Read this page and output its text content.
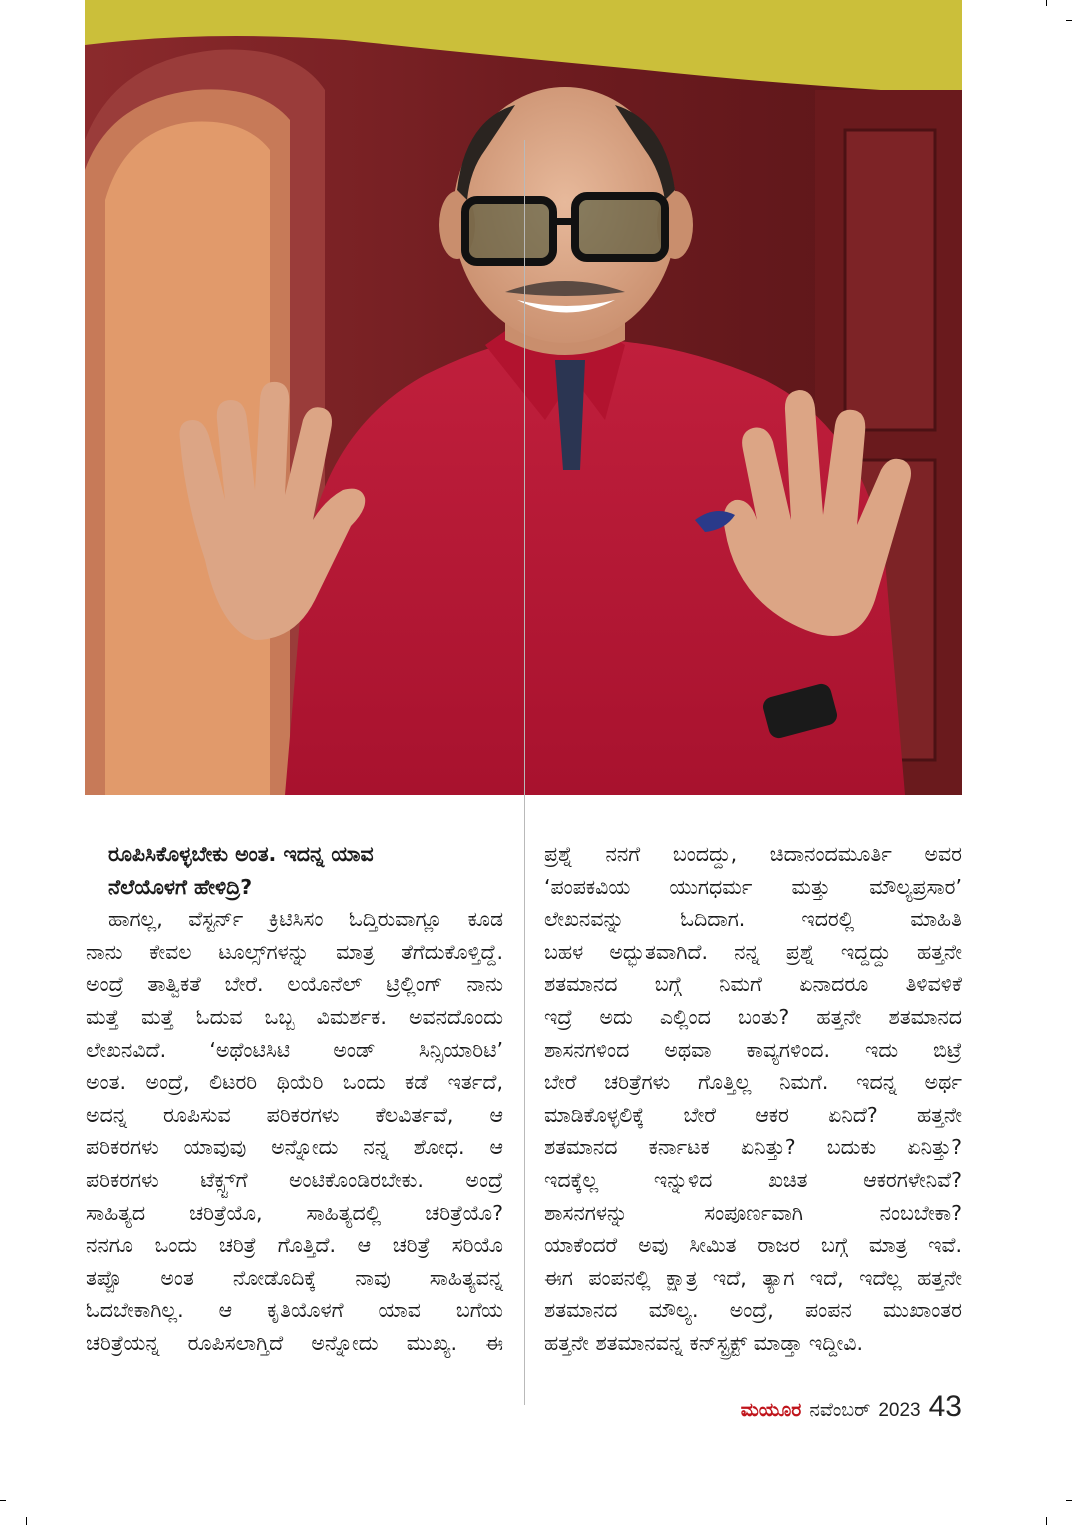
ರೂಪಿಸಿಕೊಳ್ಳಬೇಕು ಅಂತ. ಇದನ್ನ ಯಾವ
ನೆಲೆಯೊಳಗೆ ಹೇಳಿದ್ರಿ?

ಹಾಗಲ್ಲ, ವೆಸ್ಟರ್ನ್ ಕ್ರಿಟಿಸಿಸಂ ಓದ್ತಿರುವಾಗ್ಲೂ ಕೂಡ
ನಾನು ಕೇವಲ ಟೂಲ್ಸ್‌ಗಳನ್ನು ಮಾತ್ರ ತೆಗೆದುಕೊಳ್ತಿದ್ದೆ.
ಅಂದ್ರೆ ತಾತ್ವಿಕತೆ ಬೇರೆ. ಲಯೊನೆಲ್ ಟ್ರಿಲ್ಲಿಂಗ್ ನಾನು
ಮತ್ತೆ ಮತ್ತೆ ಓದುವ ಒಬ್ಬ ವಿಮರ್ಶಕ. ಅವನದೊಂದು
ಲೇಖನವಿದೆ. ‘ಅಥೆಂಟಿಸಿಟಿ ಅಂಡ್ ಸಿನ್ಸಿಯಾರಿಟಿ’
ಅಂತ. ಅಂದ್ರೆ, ಲಿಟರರಿ ಥಿಯೆರಿ ಒಂದು ಕಡೆ ಇರ್ತದೆ,
ಅದನ್ನ ರೂಪಿಸುವ ಪರಿಕರಗಳು ಕೆಲವಿರ್ತವೆ, ಆ
ಪರಿಕರಗಳು ಯಾವುವು ಅನ್ನೋದು ನನ್ನ ಶೋಧ. ಆ
ಪರಿಕರಗಳು ಟೆಕ್ಸ್ಟ್‌ಗೆ ಅಂಟಿಕೊಂಡಿರಬೇಕು. ಅಂದ್ರೆ
ಸಾಹಿತ್ಯದ ಚರಿತ್ರೆಯೊ, ಸಾಹಿತ್ಯದಲ್ಲಿ ಚರಿತ್ರೆಯೊ?
ನನಗೂ ಒಂದು ಚರಿತ್ರೆ ಗೊತ್ತಿದೆ. ಆ ಚರಿತ್ರೆ ಸರಿಯೊ
ತಪ್ಪೊ ಅಂತ ನೋಡೊದಿಕ್ಕೆ ನಾವು ಸಾಹಿತ್ಯವನ್ನ
ಓದಬೇಕಾಗಿಲ್ಲ. ಆ ಕೃತಿಯೊಳಗೆ ಯಾವ ಬಗೆಯ
ಚರಿತ್ರೆಯನ್ನ ರೂಪಿಸಲಾಗ್ತಿದೆ ಅನ್ನೋದು ಮುಖ್ಯ. ಈ

ಪ್ರಶ್ನೆ ನನಗೆ ಬಂದದ್ದು, ಚಿದಾನಂದಮೂರ್ತಿ ಅವರ
‘ಪಂಪಕವಿಯ ಯುಗಧರ್ಮ ಮತ್ತು ಮೌಲ್ಯಪ್ರಸಾರ’
ಲೇಖನವನ್ನು ಓದಿದಾಗ. ಇದರಲ್ಲಿ ಮಾಹಿತಿ
ಬಹಳ ಅದ್ಭುತವಾಗಿದೆ. ನನ್ನ ಪ್ರಶ್ನೆ ಇದ್ದದ್ದು ಹತ್ತನೇ
ಶತಮಾನದ ಬಗ್ಗೆ ನಿಮಗೆ ಏನಾದರೂ ತಿಳಿವಳಿಕೆ
ಇದ್ರೆ ಅದು ಎಲ್ಲಿಂದ ಬಂತು? ಹತ್ತನೇ ಶತಮಾನದ
ಶಾಸನಗಳಿಂದ ಅಥವಾ ಕಾವ್ಯಗಳಿಂದ. ಇದು ಬಿಟ್ರೆ
ಬೇರೆ ಚರಿತ್ರೆಗಳು ಗೊತ್ತಿಲ್ಲ ನಿಮಗೆ. ಇದನ್ನ ಅರ್ಥ
ಮಾಡಿಕೊಳ್ಳಲಿಕ್ಕೆ ಬೇರೆ ಆಕರ ಏನಿದೆ? ಹತ್ತನೇ
ಶತಮಾನದ ಕರ್ನಾಟಕ ಏನಿತ್ತು? ಬದುಕು ಏನಿತ್ತು?
ಇದಕ್ಕೆಲ್ಲ ಇನ್ನುಳಿದ ಖಚಿತ ಆಕರಗಳೇನಿವೆ?
ಶಾಸನಗಳನ್ನು ಸಂಪೂರ್ಣವಾಗಿ ನಂಬಬೇಕಾ?
ಯಾಕೆಂದರೆ ಅವು ಸೀಮಿತ ರಾಜರ ಬಗ್ಗೆ ಮಾತ್ರ ಇವೆ.
ಈಗ ಪಂಪನಲ್ಲಿ ಕ್ಷಾತ್ರ ಇದೆ, ತ್ಯಾಗ ಇದೆ, ಇದೆಲ್ಲ ಹತ್ತನೇ
ಶತಮಾನದ ಮೌಲ್ಯ. ಅಂದ್ರೆ, ಪಂಪನ ಮುಖಾಂತರ
ಹತ್ತನೇ ಶತಮಾನವನ್ನ ಕನ್‌ಸ್ಟ್ರಕ್ಟ್ ಮಾಡ್ತಾ ಇದ್ದೀವಿ.

ಮಯೂರ ನವೆಂಬರ್ 2023 43
